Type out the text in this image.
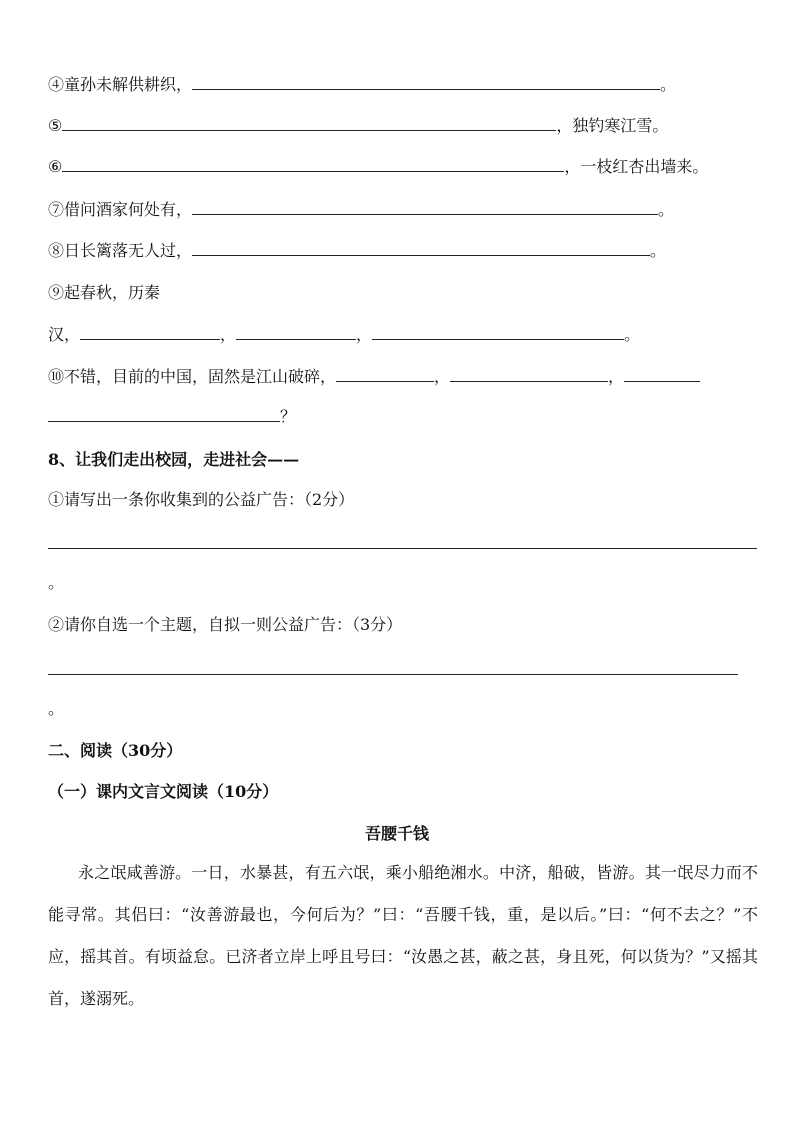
④童孙未解供耕织，	。
⑤	，独钓寒江雪。
⑥	，一枝红杏出墙来。
⑦借问酒家何处有，	。
⑧日长篱落无人过，	。
⑨起春秋，历秦
汉，	，	，	。
⑩不错，目前的中国，固然是江山破碎，	，	，
？
8、让我们走出校园，走进社会——
①请写出一条你收集到的公益广告：（2分）
。
②请你自选一个主题，自拟一则公益广告：（3分）
。
二、阅读（30分）
（一）课内文言文阅读（10分）
吾腰千钱
永之氓咸善游。一日，水暴甚，有五六氓，乘小船绝湘水。中济，船破，皆游。其一氓尽力而不能寻常。其侣曰：“汝善游最也，今何后为？”曰：“吾腰千钱，重，是以后。”曰：“何不去之？”不应，摇其首。有顷益怠。已济者立岸上呼且号曰：“汝愚之甚，蔽之甚，身且死，何以货为？”又摇其首，遂溺死。
